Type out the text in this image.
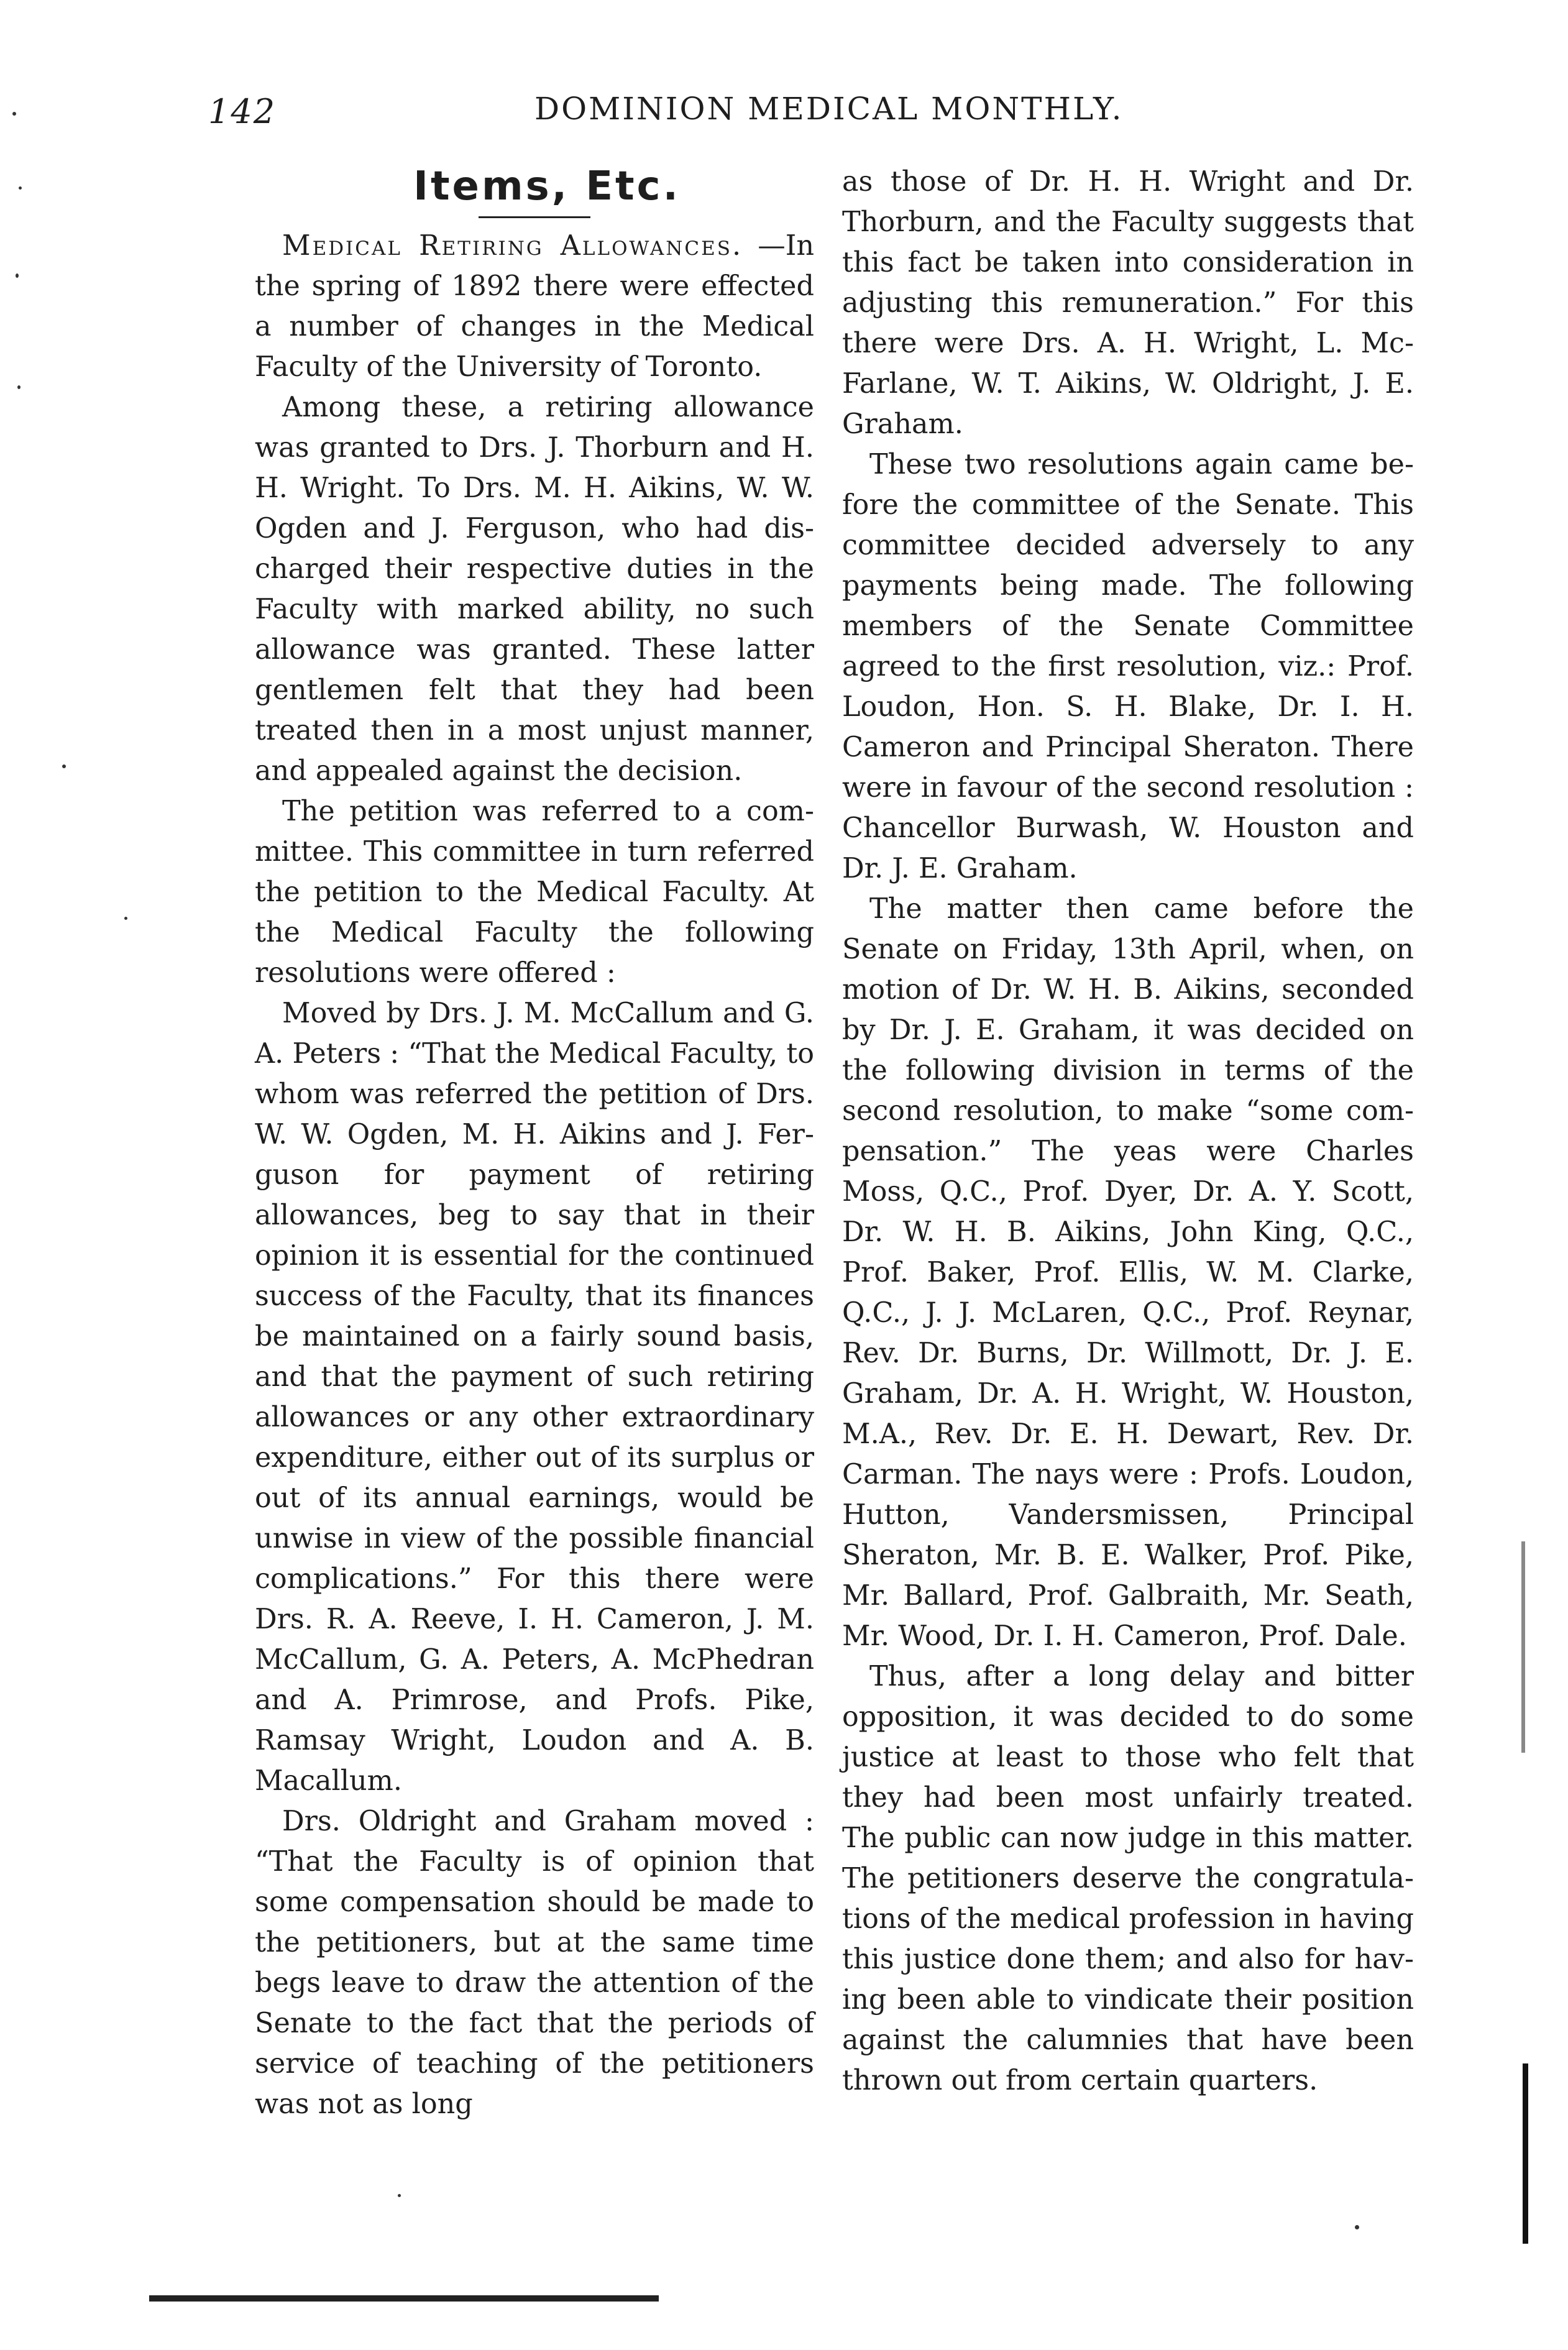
142	DOMINION MEDICAL MONTHLY.
Items, Etc.

Medical Retiring Allowances. —In the spring of 1892 there were effected a number of changes in the Medical Faculty of the University of Toronto.

Among these, a retiring allowance was granted to Drs. J. Thorburn and H. H. Wright. To Drs. M. H. Aikins, W. W. Ogden and J. Ferguson, who had discharged their respective duties in the Faculty with marked ability, no such allowance was granted. These latter gentlemen felt that they had been treated then in a most unjust manner, and appealed against the decision.

The petition was referred to a committee. This committee in turn referred the petition to the Medical Faculty. At the Medical Faculty the following resolutions were offered :

Moved by Drs. J. M. McCallum and G. A. Peters : “That the Medical Faculty, to whom was referred the petition of Drs. W. W. Ogden, M. H. Aikins and J. Ferguson for payment of retiring allowances, beg to say that in their opinion it is essential for the continued success of the Faculty, that its finances be maintained on a fairly sound basis, and that the payment of such retiring allowances or any other extraordinary expenditure, either out of its surplus or out of its annual earnings, would be unwise in view of the possible financial complications.” For this there were Drs. R. A. Reeve, I. H. Cameron, J. M. McCallum, G. A. Peters, A. McPhedran and A. Primrose, and Profs. Pike, Ramsay Wright, Loudon and A. B. Macallum.

Drs. Oldright and Graham moved : “That the Faculty is of opinion that some compensation should be made to the petitioners, but at the same time begs leave to draw the attention of the Senate to the fact that the periods of service of teaching of the petitioners was not as long

as those of Dr. H. H. Wright and Dr. Thorburn, and the Faculty suggests that this fact be taken into consideration in adjusting this remuneration.” For this there were Drs. A. H. Wright, L. McFarlane, W. T. Aikins, W. Oldright, J. E. Graham.

These two resolutions again came before the committee of the Senate. This committee decided adversely to any payments being made. The following members of the Senate Committee agreed to the first resolution, viz.: Prof. Loudon, Hon. S. H. Blake, Dr. I. H. Cameron and Principal Sheraton. There were in favour of the second resolution : Chancellor Burwash, W. Houston and Dr. J. E. Graham.

The matter then came before the Senate on Friday, 13th April, when, on motion of Dr. W. H. B. Aikins, seconded by Dr. J. E. Graham, it was decided on the following division in terms of the second resolution, to make “some compensation.” The yeas were Charles Moss, Q.C., Prof. Dyer, Dr. A. Y. Scott, Dr. W. H. B. Aikins, John King, Q.C., Prof. Baker, Prof. Ellis, W. M. Clarke, Q.C., J. J. McLaren, Q.C., Prof. Reynar, Rev. Dr. Burns, Dr. Willmott, Dr. J. E. Graham, Dr. A. H. Wright, W. Houston, M.A., Rev. Dr. E. H. Dewart, Rev. Dr. Carman. The nays were : Profs. Loudon, Hutton, Vandersmissen, Principal Sheraton, Mr. B. E. Walker, Prof. Pike, Mr. Ballard, Prof. Galbraith, Mr. Seath, Mr. Wood, Dr. I. H. Cameron, Prof. Dale.

Thus, after a long delay and bitter opposition, it was decided to do some justice at least to those who felt that they had been most unfairly treated. The public can now judge in this matter. The petitioners deserve the congratulations of the medical profession in having this justice done them; and also for having been able to vindicate their position against the calumnies that have been thrown out from certain quarters.
